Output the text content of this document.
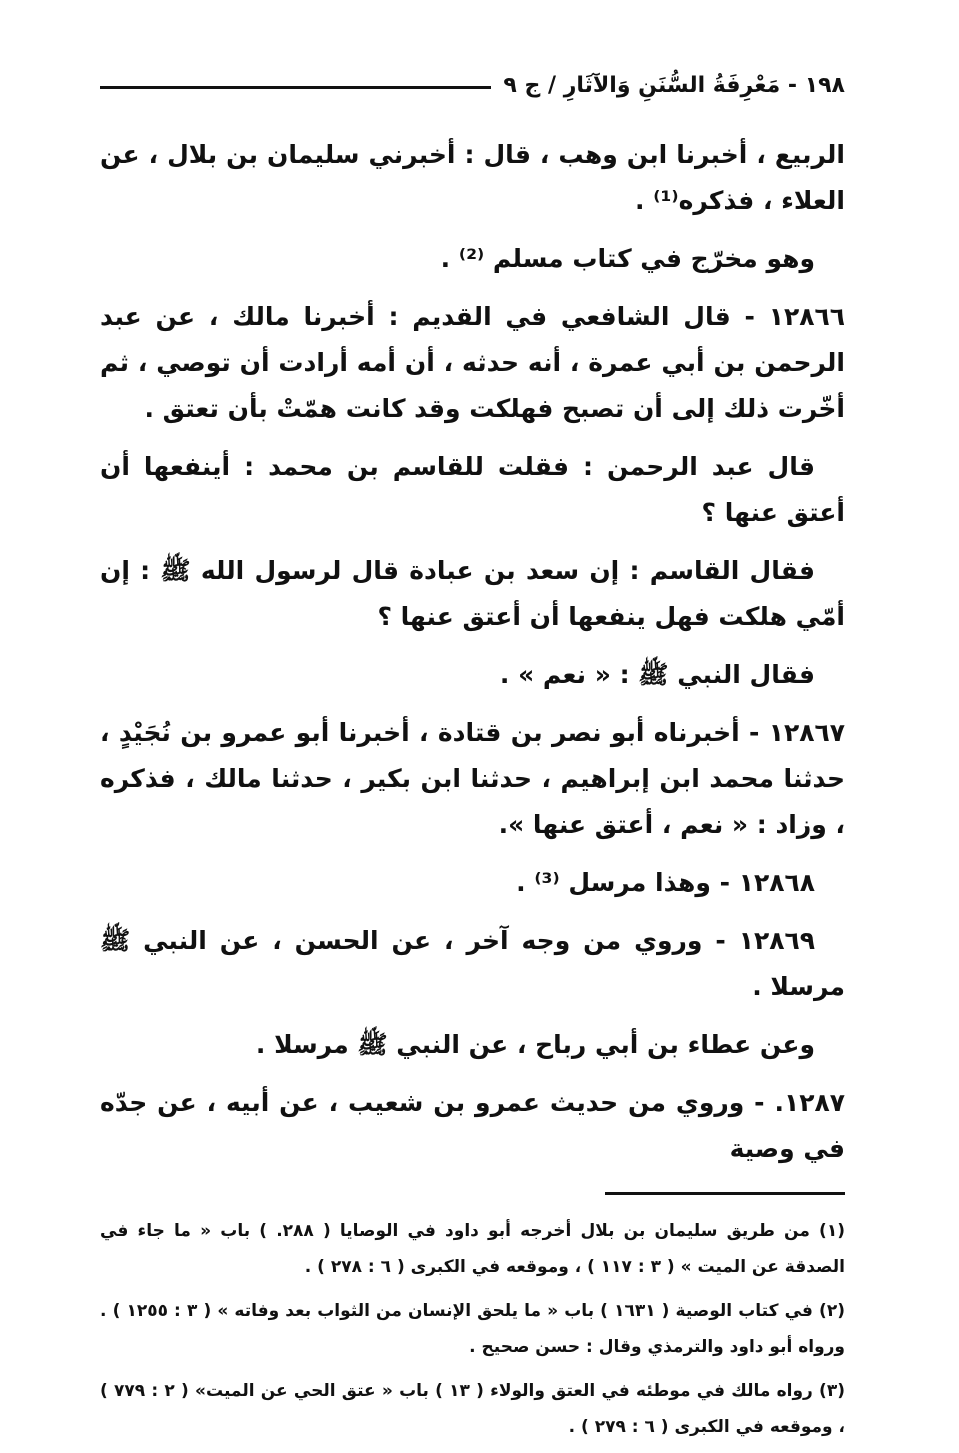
١٩٨ - مَعْرِفَةُ السُّنَنِ وَالآثَارِ / ج ٩

الربيع ، أخبرنا ابن وهب ، قال : أخبرني سليمان بن بلال ، عن العلاء ، فذكره⁽¹⁾ .

وهو مخرّج في كتاب مسلم ⁽²⁾ .

١٢٨٦٦ - قال الشافعي في القديم : أخبرنا مالك ، عن عبد الرحمن بن أبي عمرة ، أنه حدثه ، أن أمه أرادت أن توصي ، ثم أخّرت ذلك إلى أن تصبح فهلكت وقد كانت همّتْ بأن تعتق .

قال عبد الرحمن : فقلت للقاسم بن محمد : أينفعها أن أعتق عنها ؟

فقال القاسم : إن سعد بن عبادة قال لرسول الله ﷺ : إن أمّي هلكت فهل ينفعها أن أعتق عنها ؟

فقال النبي ﷺ : « نعم » .

١٢٨٦٧ - أخبرناه أبو نصر بن قتادة ، أخبرنا أبو عمرو بن نُجَيْدٍ ، حدثنا محمد ابن إبراهيم ، حدثنا ابن بكير ، حدثنا مالك ، فذكره ، وزاد : « نعم ، أعتق عنها ».

١٢٨٦٨ - وهذا مرسل ⁽³⁾ .

١٢٨٦٩ - وروي من وجه آخر ، عن الحسن ، عن النبي ﷺ مرسلا .

وعن عطاء بن أبي رباح ، عن النبي ﷺ مرسلا .

١٢٨٧. - وروي من حديث عمرو بن شعيب ، عن أبيه ، عن جدّه في وصية

(١) من طريق سليمان بن بلال أخرجه أبو داود في الوصايا ( ٢٨٨. ) باب « ما جاء في الصدقة عن الميت » ( ٣ : ١١٧ ) ، وموقعه في الكبرى ( ٦ : ٢٧٨ ) .

(٢) في كتاب الوصية ( ١٦٣١ ) باب « ما يلحق الإنسان من الثواب بعد وفاته » ( ٣ : ١٢٥٥ ) . ورواه أبو داود والترمذي وقال : حسن صحيح .

(٣) رواه مالك في موطئه في العتق والولاء ( ١٣ ) باب « عتق الحي عن الميت» ( ٢ : ٧٧٩ ) ، وموقعه في الكبرى ( ٦ : ٢٧٩ ) .
